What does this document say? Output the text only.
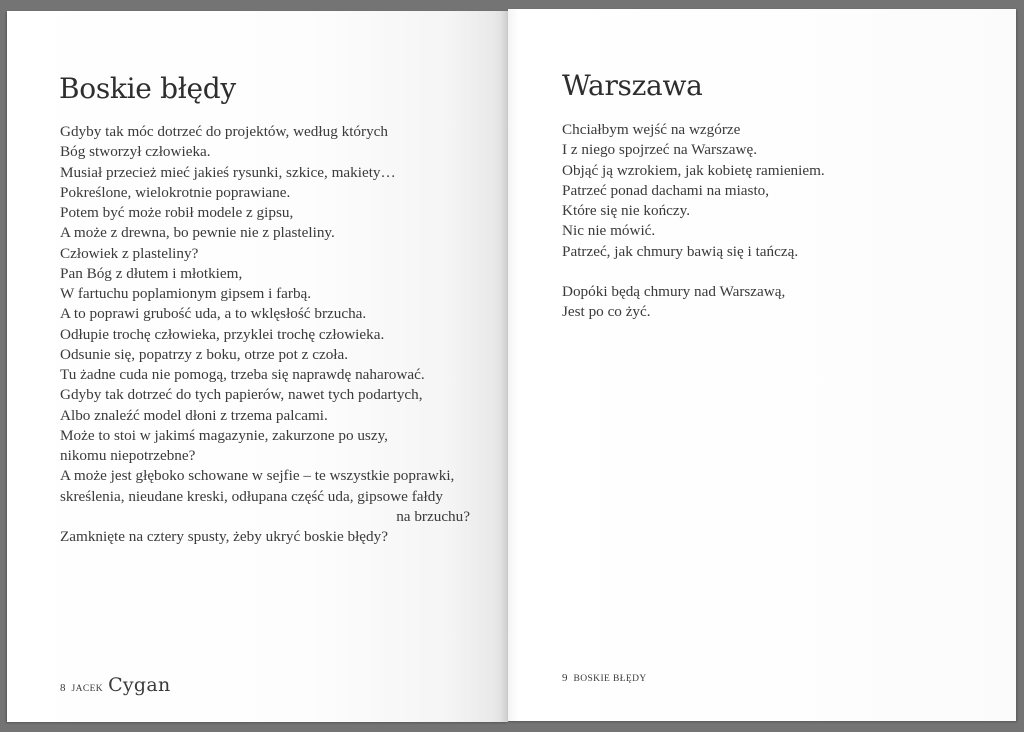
Boskie błędy
Gdyby tak móc dotrzeć do projektów, według których
Bóg stworzył człowieka.
Musiał przecież mieć jakieś rysunki, szkice, makiety…
Pokreślone, wielokrotnie poprawiane.
Potem być może robił modele z gipsu,
A może z drewna, bo pewnie nie z plasteliny.
Człowiek z plasteliny?
Pan Bóg z dłutem i młotkiem,
W fartuchu poplamionym gipsem i farbą.
A to poprawi grubość uda, a to wklęsłość brzucha.
Odłupie trochę człowieka, przyklei trochę człowieka.
Odsunie się, popatrzy z boku, otrze pot z czoła.
Tu żadne cuda nie pomogą, trzeba się naprawdę naharować.
Gdyby tak dotrzeć do tych papierów, nawet tych podartych,
Albo znaleźć model dłoni z trzema palcami.
Może to stoi w jakimś magazynie, zakurzone po uszy,
nikomu niepotrzebne?
A może jest głęboko schowane w sejfie – te wszystkie poprawki,
skreślenia, nieudane kreski, odłupana część uda, gipsowe fałdy
na brzuchu?
Zamknięte na cztery spusty, żeby ukryć boskie błędy?
8 JACEK Cygan
Warszawa
Chciałbym wejść na wzgórze
I z niego spojrzeć na Warszawę.
Objąć ją wzrokiem, jak kobietę ramieniem.
Patrzeć ponad dachami na miasto,
Które się nie kończy.
Nic nie mówić.
Patrzeć, jak chmury bawią się i tańczą.
Dopóki będą chmury nad Warszawą,
Jest po co żyć.
9 BOSKIE BŁĘDY
